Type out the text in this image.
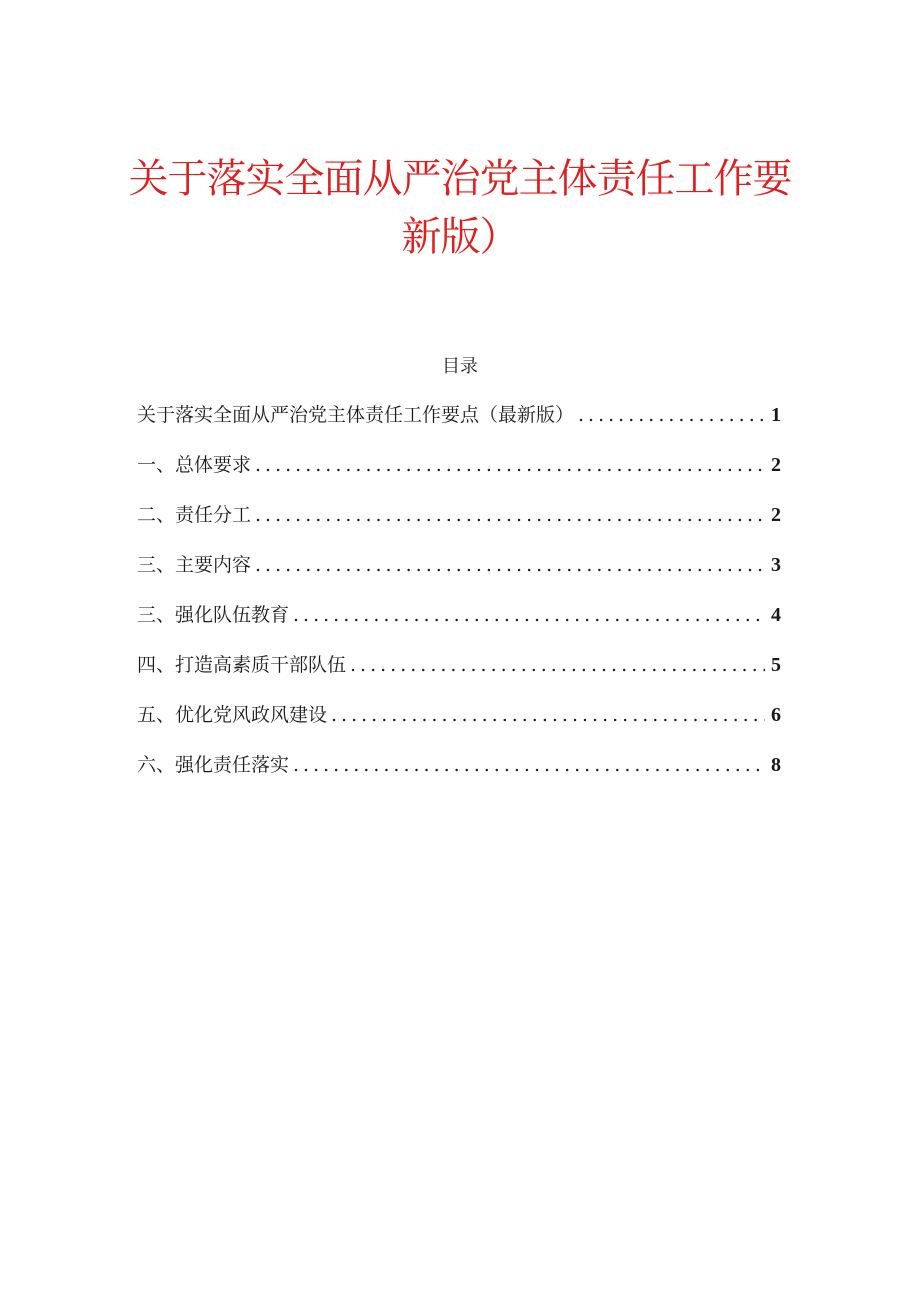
关于落实全面从严治党主体责任工作要
新版）
目录
关于落实全面从严治党主体责任工作要点（最新版） .....	1
一、总体要求 .....	2
二、责任分工 .....	2
三、主要内容 .....	3
三、强化队伍教育 .....	4
四、打造高素质干部队伍 .....	5
五、优化党风政风建设 .....	6
六、强化责任落实 .....	8
